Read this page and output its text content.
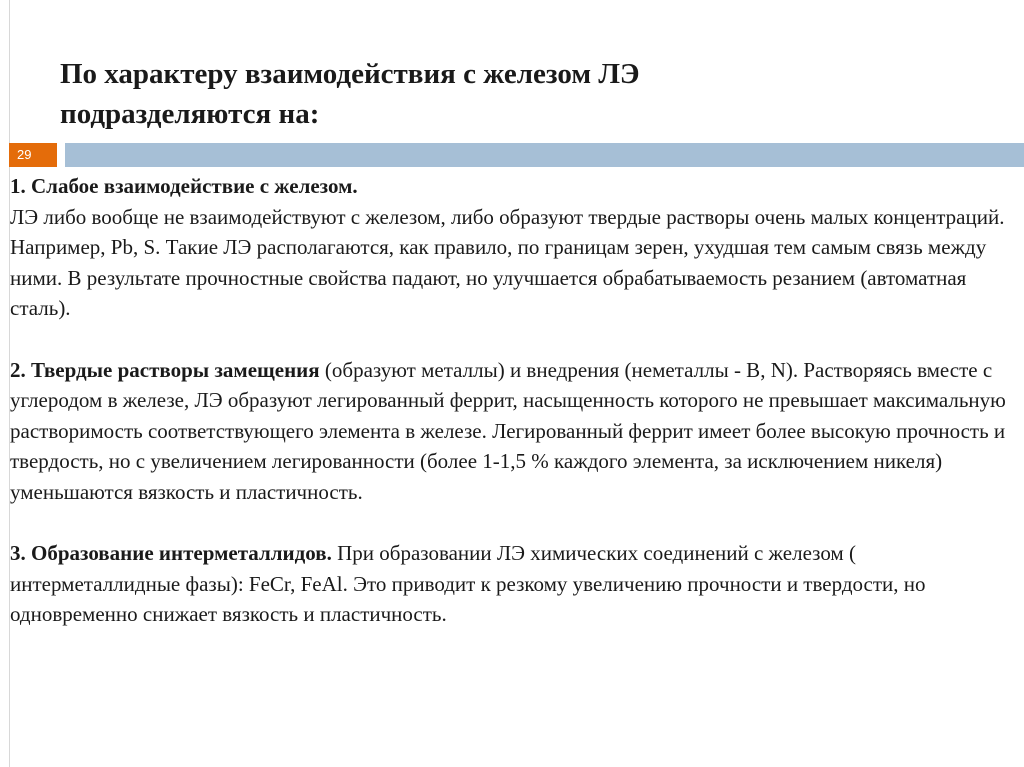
По характеру взаимодействия с железом ЛЭ
подразделяются на:
29

1. Слабое взаимодействие с железом.

ЛЭ либо вообще не взаимодействуют с железом, либо образуют твердые растворы очень малых концентраций. Например, Pb, S. Такие ЛЭ располагаются, как правило, по границам зерен, ухудшая тем самым связь между ними. В результате прочностные свойства падают, но улучшается обрабатываемость резанием (автоматная сталь).

2. Твердые растворы замещения (образуют металлы) и внедрения (неметаллы - B, N). Растворяясь вместе с углеродом в железе, ЛЭ образуют легированный феррит, насыщенность которого не превышает максимальную растворимость соответствующего элемента в железе. Легированный феррит имеет более высокую прочность и твердость, но с увеличением легированности (более 1-1,5 % каждого элемента, за исключением никеля) уменьшаются вязкость и пластичность.

3. Образование интерметаллидов. При образовании ЛЭ химических соединений с железом ( интерметаллидные фазы): FeCr, FeAl. Это приводит к резкому увеличению прочности и твердости, но одновременно снижает вязкость и пластичность.
